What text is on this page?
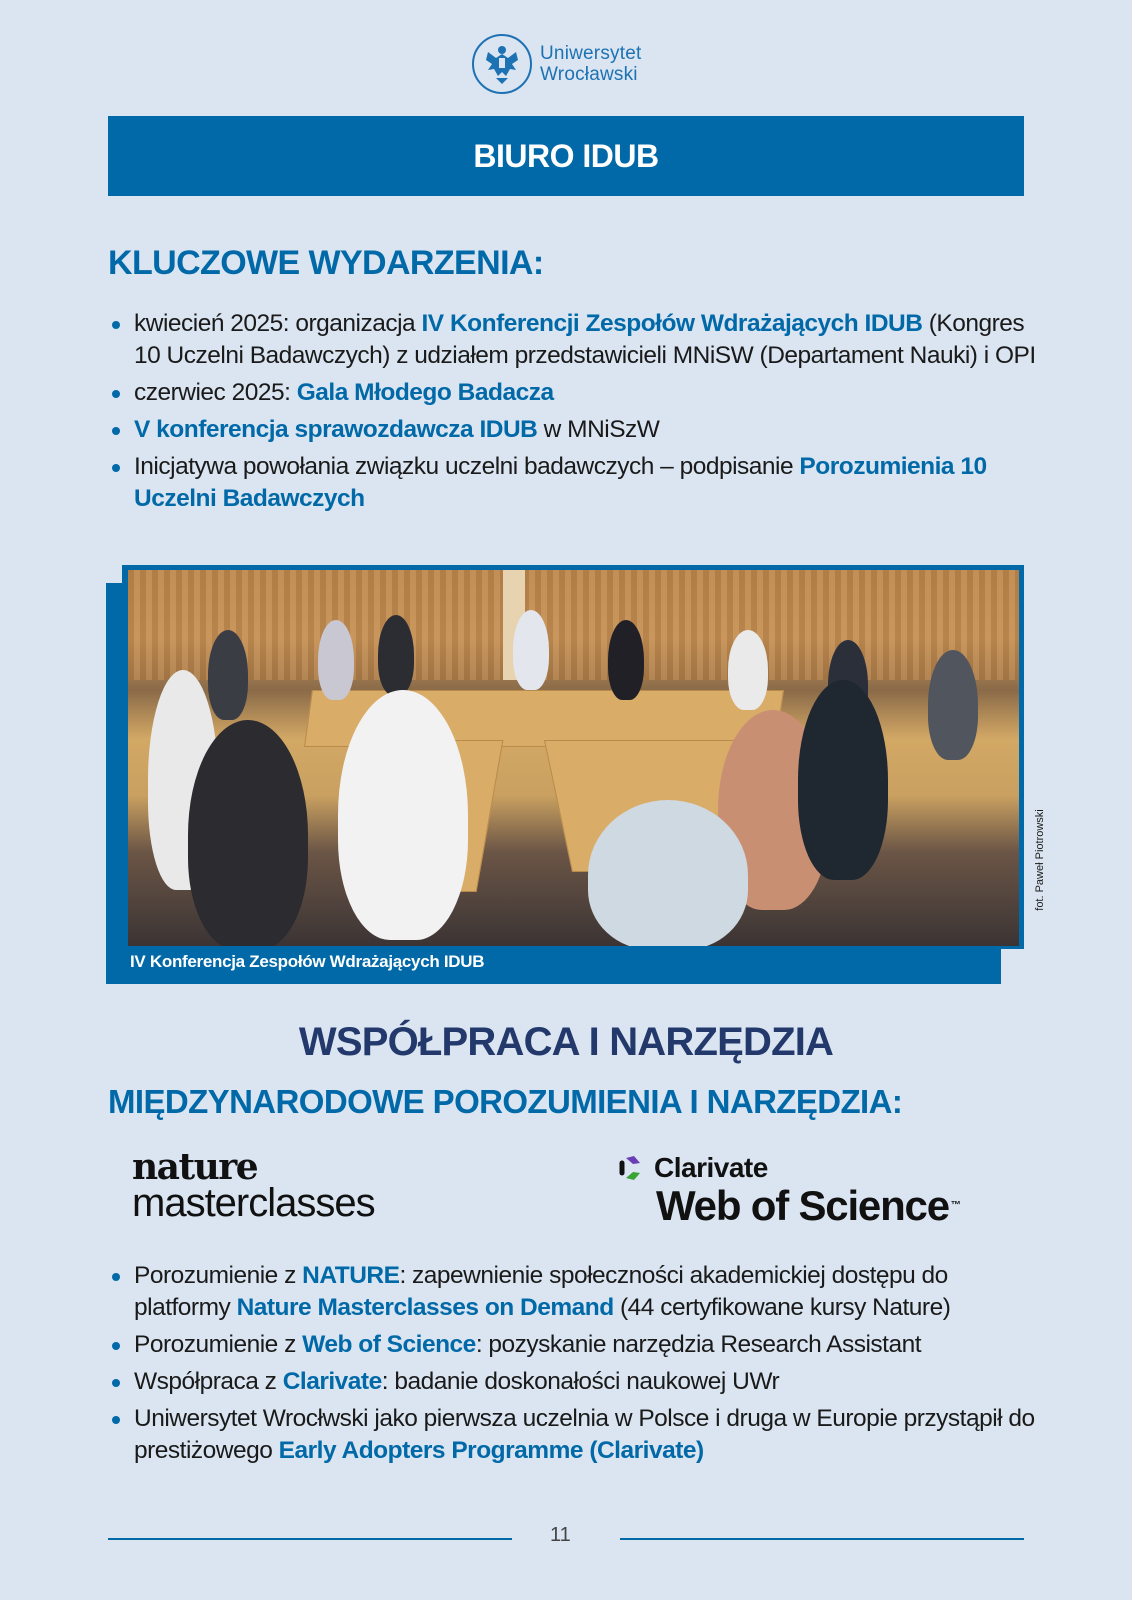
Uniwersytet
Wrocławski
BIURO IDUB
KLUCZOWE WYDARZENIA:
kwiecień 2025: organizacja IV Konferencji Zespołów Wdrażających IDUB (Kongres 10 Uczelni Badawczych) z udziałem przedstawicieli MNiSW (Departament Nauki) i OPI
czerwiec 2025: Gala Młodego Badacza
V konferencja sprawozdawcza IDUB w MNiSzW
Inicjatywa powołania związku uczelni badawczych – podpisanie Porozumienia 10 Uczelni Badawczych
IV Konferencja Zespołów Wdrażających IDUB
fot. Paweł Piotrowski
WSPÓŁPRACA I NARZĘDZIA
MIĘDZYNARODOWE POROZUMIENIA I NARZĘDZIA:
nature
masterclasses
Clarivate
Web of Science ™
Porozumienie z NATURE: zapewnienie społeczności akademickiej dostępu do platformy Nature Masterclasses on Demand (44 certyfikowane kursy Nature)
Porozumienie z Web of Science: pozyskanie narzędzia Research Assistant
Współpraca z Clarivate: badanie doskonałości naukowej UWr
Uniwersytet Wrocłwski jako pierwsza uczelnia w Polsce i druga w Europie przystąpił do prestiżowego Early Adopters Programme (Clarivate)
11
